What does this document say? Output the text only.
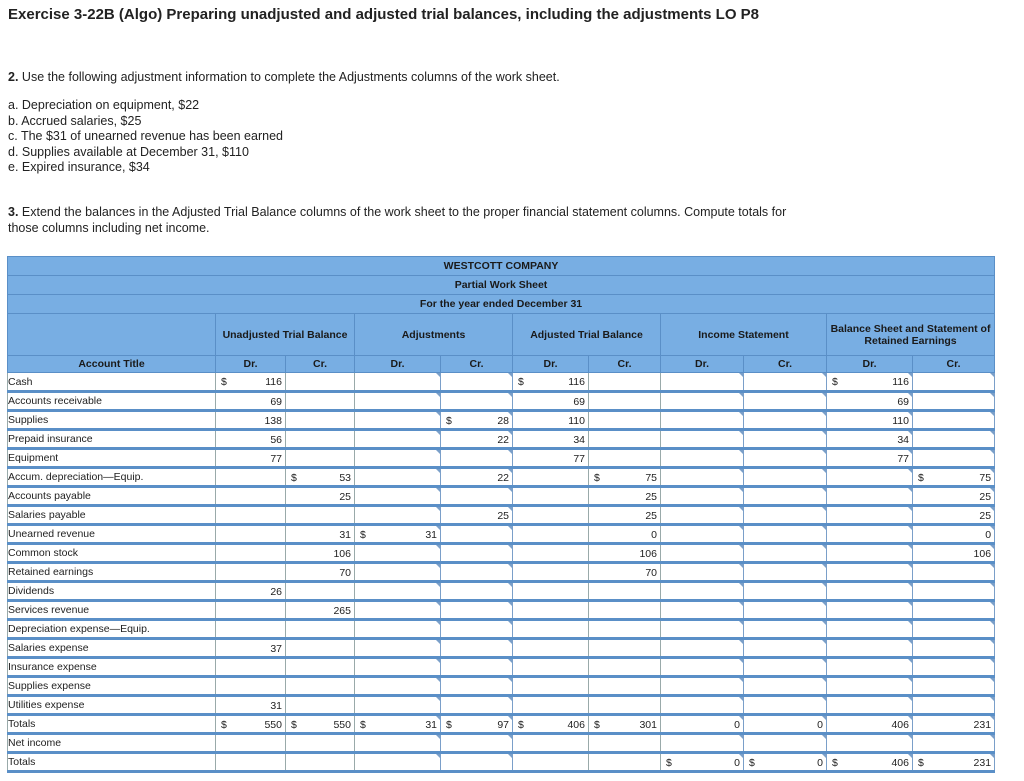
Exercise 3-22B (Algo) Preparing unadjusted and adjusted trial balances, including the adjustments LO P8
2. Use the following adjustment information to complete the Adjustments columns of the work sheet.
a. Depreciation on equipment, $22
b. Accrued salaries, $25
c. The $31 of unearned revenue has been earned
d. Supplies available at December 31, $110
e. Expired insurance, $34
3. Extend the balances in the Adjusted Trial Balance columns of the work sheet to the proper financial statement columns. Compute totals for those columns including net income.
WESTCOTT COMPANY										
Partial Work Sheet										
For the year ended December 31										
	Unadjusted Trial Balance		Adjustments		Adjusted Trial Balance		Income Statement		Balance Sheet and Statement of Retained Earnings	
Account Title	Dr.	Cr.	Dr.	Cr.	Dr.	Cr.	Dr.	Cr.	Dr.	Cr.
Cash	$ 116				$ 116				$ 116	

Accounts receivable	69				69				69	

Supplies	138			$ 28	110				110	

Prepaid insurance	56			22	34				34	

Equipment	77				77				77	

Accum. depreciation—Equip.		$ 53		22		$ 75				$ 75

Accounts payable		25				25				25

Salaries payable				25		25				25

Unearned revenue		31	$ 31			0				0

Common stock		106				106				106

Retained earnings		70				70				

Dividends	26									

Services revenue		265								

Depreciation expense—Equip.	

Salaries expense	37									

Insurance expense	

Supplies expense	

Utilities expense	31									

Totals	$ 550	$ 550	$ 31	$ 97	$ 406	$ 301	0	0	406	231

Net income	

Totals							$ 0	$ 0	$ 406	$ 231
